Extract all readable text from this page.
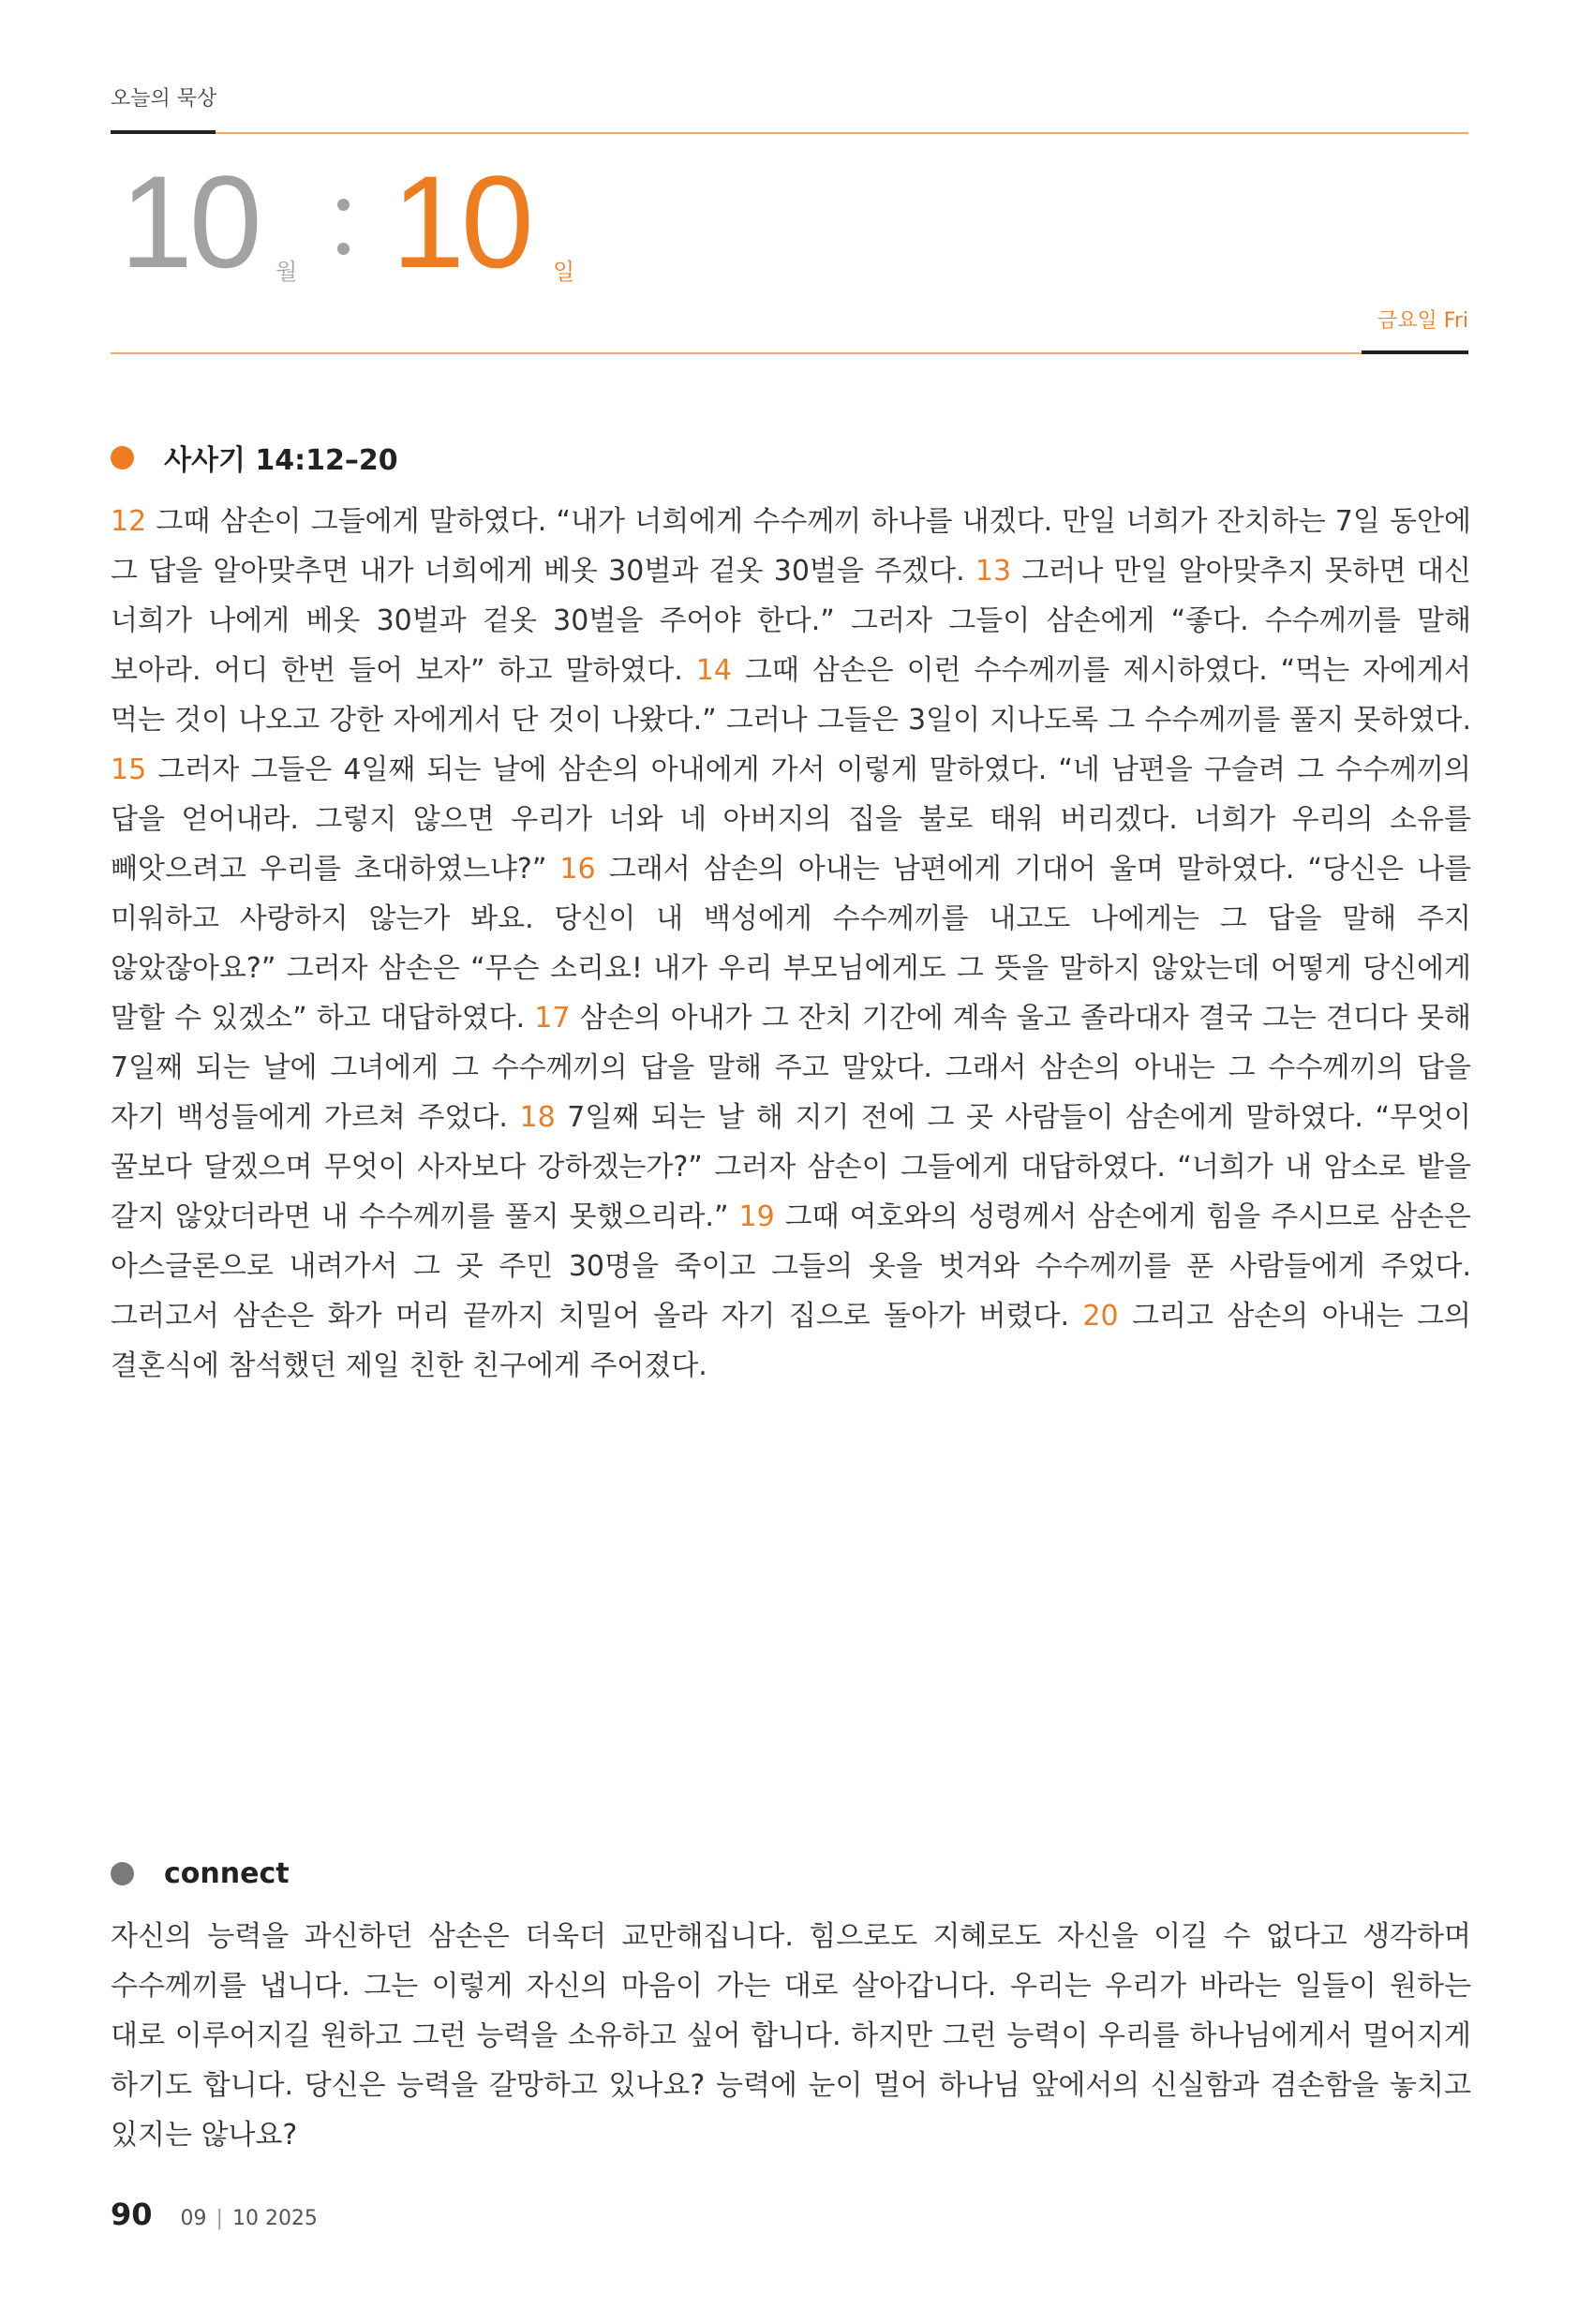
오늘의 묵상
10 월 10 일
금요일 Fri
사사기 14:12–20

12 그때 삼손이 그들에게 말하였다. “내가 너희에게 수수께끼 하나를 내겠다. 만일 너희가 잔치하는 7일 동안에 그 답을 알아맞추면 내가 너희에게 베옷 30벌과 겉옷 30벌을 주겠다. 13 그러나 만일 알아맞추지 못하면 대신 너희가 나에게 베옷 30벌과 겉옷 30벌을 주어야 한다.” 그러자 그들이 삼손에게 “좋다. 수수께끼를 말해 보아라. 어디 한번 들어 보자” 하고 말하였다. 14 그때 삼손은 이런 수수께끼를 제시하였다. “먹는 자에게서 먹는 것이 나오고 강한 자에게서 단 것이 나왔다.” 그러나 그들은 3일이 지나도록 그 수수께끼를 풀지 못하였다. 15 그러자 그들은 4일째 되는 날에 삼손의 아내에게 가서 이렇게 말하였다. “네 남편을 구슬려 그 수수께끼의 답을 얻어내라. 그렇지 않으면 우리가 너와 네 아버지의 집을 불로 태워 버리겠다. 너희가 우리의 소유를 빼앗으려고 우리를 초대하였느냐?” 16 그래서 삼손의 아내는 남편에게 기대어 울며 말하였다. “당신은 나를 미워하고 사랑하지 않는가 봐요. 당신이 내 백성에게 수수께끼를 내고도 나에게는 그 답을 말해 주지 않았잖아요?” 그러자 삼손은 “무슨 소리요! 내가 우리 부모님에게도 그 뜻을 말하지 않았는데 어떻게 당신에게 말할 수 있겠소” 하고 대답하였다. 17 삼손의 아내가 그 잔치 기간에 계속 울고 졸라대자 결국 그는 견디다 못해 7일째 되는 날에 그녀에게 그 수수께끼의 답을 말해 주고 말았다. 그래서 삼손의 아내는 그 수수께끼의 답을 자기 백성들에게 가르쳐 주었다. 18 7일째 되는 날 해 지기 전에 그 곳 사람들이 삼손에게 말하였다. “무엇이 꿀보다 달겠으며 무엇이 사자보다 강하겠는가?” 그러자 삼손이 그들에게 대답하였다. “너희가 내 암소로 밭을 갈지 않았더라면 내 수수께끼를 풀지 못했으리라.” 19 그때 여호와의 성령께서 삼손에게 힘을 주시므로 삼손은 아스글론으로 내려가서 그 곳 주민 30명을 죽이고 그들의 옷을 벗겨와 수수께끼를 푼 사람들에게 주었다. 그러고서 삼손은 화가 머리 끝까지 치밀어 올라 자기 집으로 돌아가 버렸다. 20 그리고 삼손의 아내는 그의 결혼식에 참석했던 제일 친한 친구에게 주어졌다.

connect

자신의 능력을 과신하던 삼손은 더욱더 교만해집니다. 힘으로도 지혜로도 자신을 이길 수 없다고 생각하며 수수께끼를 냅니다. 그는 이렇게 자신의 마음이 가는 대로 살아갑니다. 우리는 우리가 바라는 일들이 원하는 대로 이루어지길 원하고 그런 능력을 소유하고 싶어 합니다. 하지만 그런 능력이 우리를 하나님에게서 멀어지게 하기도 합니다. 당신은 능력을 갈망하고 있나요? 능력에 눈이 멀어 하나님 앞에서의 신실함과 겸손함을 놓치고 있지는 않나요?

90 09 | 10 2025
